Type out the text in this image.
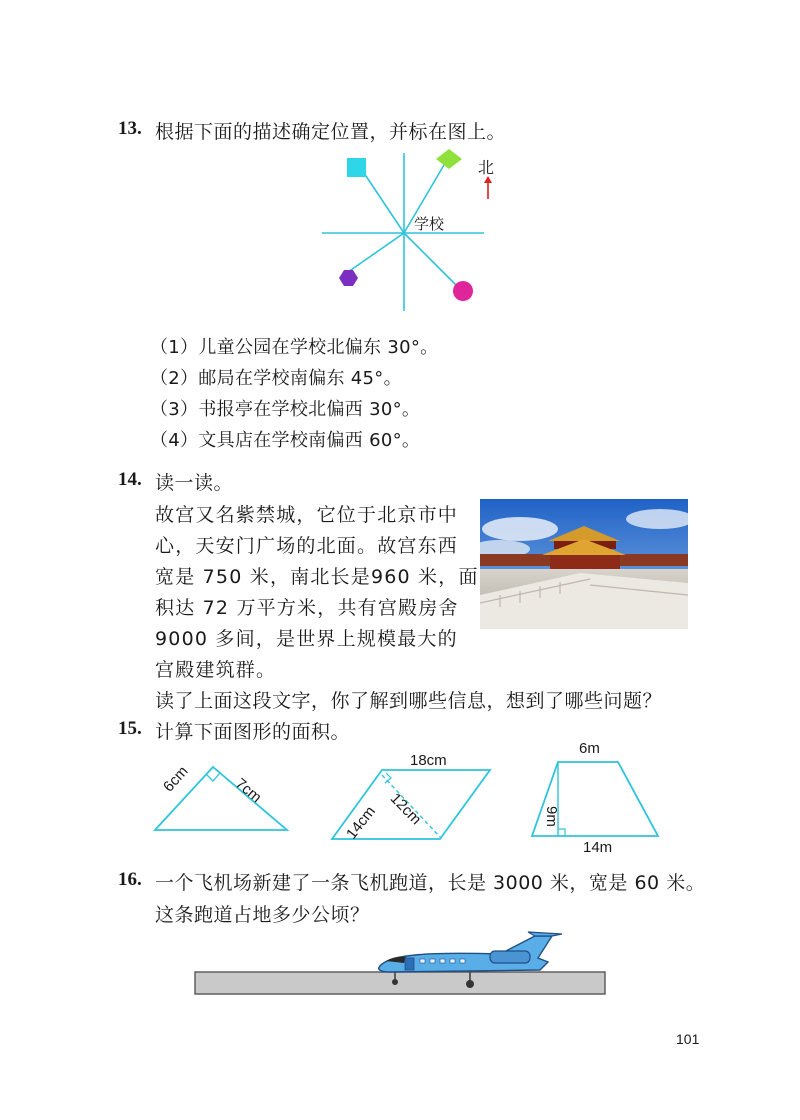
13. 根据下面的描述确定位置，并标在图上。
北
学校
（1）儿童公园在学校北偏东 30°。
（2）邮局在学校南偏东 45°。
（3）书报亭在学校北偏西 30°。
（4）文具店在学校南偏西 60°。
14. 读一读。
故宫又名紫禁城，它位于北京市中
心，天安门广场的北面。故宫东西
宽是 750 米，南北长是960 米，面
积达 72 万平方米，共有宫殿房舍
9000 多间，是世界上规模最大的
宫殿建筑群。
读了上面这段文字，你了解到哪些信息，想到了哪些问题？
15. 计算下面图形的面积。
6cm	7cm
18cm
14cm 12cm
6m
9m
14m
16. 一个飞机场新建了一条飞机跑道，长是 3000 米，宽是 60 米。
这条跑道占地多少公顷？
101
